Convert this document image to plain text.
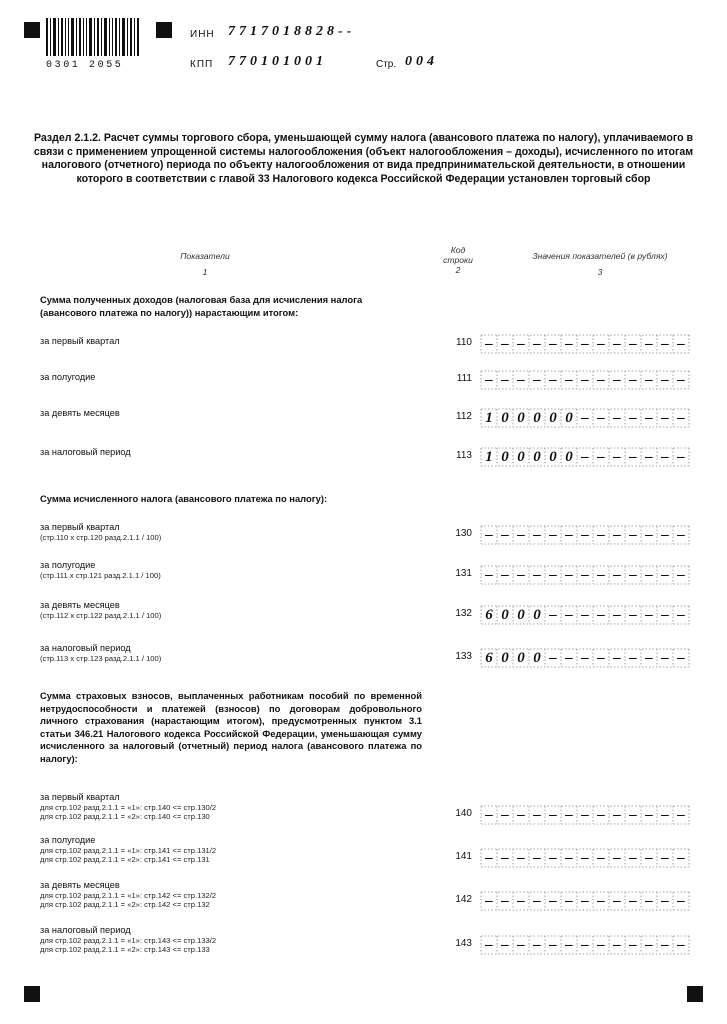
0301 2055
ИНН 7717018828--
КПП 770101001	Стр. 004
Раздел 2.1.2. Расчет суммы торгового сбора, уменьшающей сумму налога (авансового платежа по налогу), уплачиваемого в связи с применением упрощенной системы налогообложения (объект налогообложения – доходы), исчисленного по итогам налогового (отчетного) периода по объекту налогообложения от вида предпринимательской деятельности, в отношении которого в соответствии с главой 33 Налогового кодекса Российской Федерации установлен торговый сбор
Показатели
1
Код строки
2
Значения показателей (в рублях)
3
Сумма полученных доходов (налоговая база для исчисления налога (авансового платежа по налогу)) нарастающим итогом:
Сумма исчисленного налога (авансового платежа по налогу):
Сумма страховых взносов, выплаченных работникам пособий по временной нетрудоспособности и платежей (взносов) по договорам добровольного личного страхования (нарастающим итогом), предусмотренных пунктом 3.1 статьи 346.21 Налогового кодекса Российской Федерации, уменьшающая сумму исчисленного за налоговый (отчетный) период налога (авансового платежа по налогу):
за первый квартал	110 – – – – – – – – – – – – –
за полугодие	111 – – – – – – – – – – – – –
за девять месяцев	112 1 0 0 0 0 0 – – – – – – –
за налоговый период	113 1 0 0 0 0 0 – – – – – – –
за первый квартал
(стр.110 х стр.120 разд.2.1.1 / 100)	130 – – – – – – – – – – – – –
за полугодие
(стр.111 х стр.121 разд.2.1.1 / 100)	131 – – – – – – – – – – – – –
за девять месяцев
(стр.112 х стр.122 разд.2.1.1 / 100)	132 6 0 0 0 – – – – – – – – –
за налоговый период
(стр.113 х стр.123 разд.2.1.1 / 100)	133 6 0 0 0 – – – – – – – – –
за первый квартал
для стр.102 разд.2.1.1 = «1»: стр.140 <= стр.130/2
для стр.102 разд.2.1.1 = «2»: стр.140 <= стр.130	140 – – – – – – – – – – – – –
за полугодие
для стр.102 разд.2.1.1 = «1»: стр.141 <= стр.131/2
для стр.102 разд.2.1.1 = «2»: стр.141 <= стр.131	141 – – – – – – – – – – – – –
за девять месяцев
для стр.102 разд.2.1.1 = «1»: стр.142 <= стр.132/2
для стр.102 разд.2.1.1 = «2»: стр.142 <= стр.132	142 – – – – – – – – – – – – –
за налоговый период
для стр.102 разд.2.1.1 = «1»: стр.143 <= стр.133/2
для стр.102 разд.2.1.1 = «2»: стр.143 <= стр.133
143 – – – – – – – – – – – – –
